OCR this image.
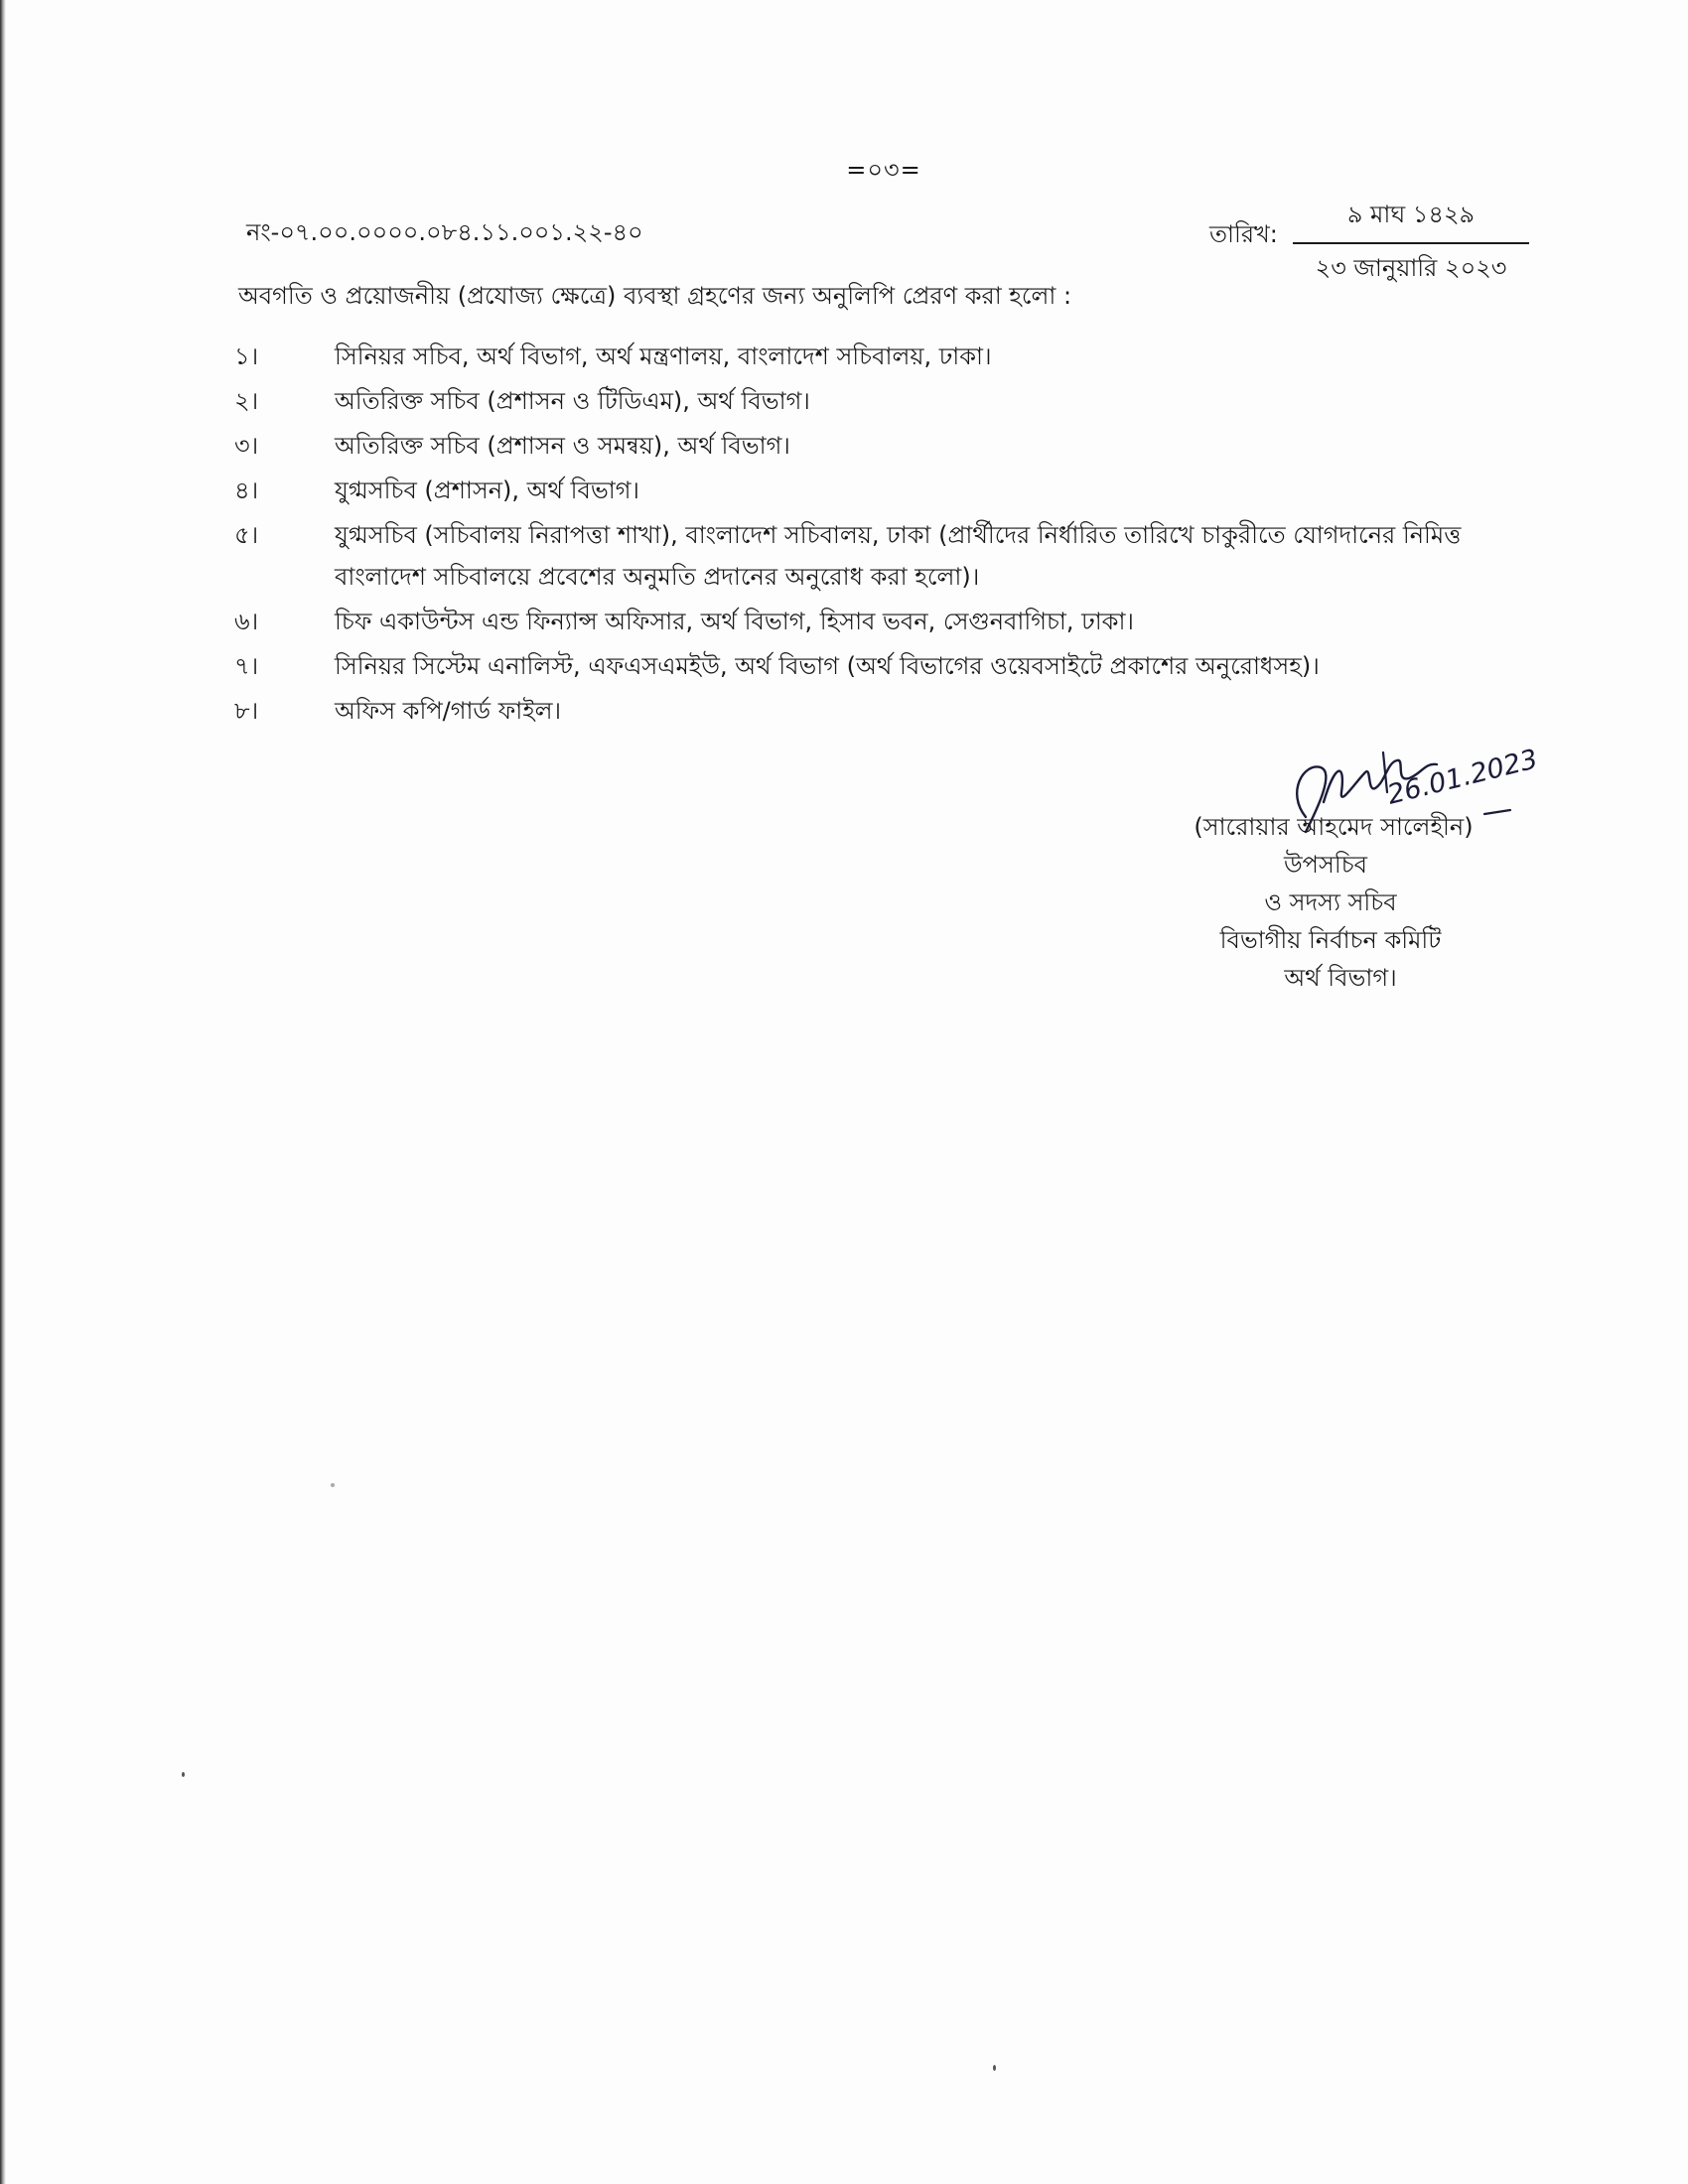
=০৩=
নং-০৭.০০.০০০০.০৮৪.১১.০০১.২২-৪০	তারিখ:
৯ মাঘ ১৪২৯
২৩ জানুয়ারি ২০২৩
অবগতি ও প্রয়োজনীয় (প্রযোজ্য ক্ষেত্রে) ব্যবস্থা গ্রহণের জন্য অনুলিপি প্রেরণ করা হলো :
১।	সিনিয়র সচিব, অর্থ বিভাগ, অর্থ মন্ত্রণালয়, বাংলাদেশ সচিবালয়, ঢাকা।
২।	অতিরিক্ত সচিব (প্রশাসন ও টিডিএম), অর্থ বিভাগ।
৩।	অতিরিক্ত সচিব (প্রশাসন ও সমন্বয়), অর্থ বিভাগ।
৪।	যুগ্মসচিব (প্রশাসন), অর্থ বিভাগ।
৫।	যুগ্মসচিব (সচিবালয় নিরাপত্তা শাখা), বাংলাদেশ সচিবালয়, ঢাকা (প্রার্থীদের নির্ধারিত তারিখে চাকুরীতে যোগদানের নিমিত্ত বাংলাদেশ সচিবালয়ে প্রবেশের অনুমতি প্রদানের অনুরোধ করা হলো)।
৬।	চিফ একাউন্টস এন্ড ফিন্যান্স অফিসার, অর্থ বিভাগ, হিসাব ভবন, সেগুনবাগিচা, ঢাকা।
৭।	সিনিয়র সিস্টেম এনালিস্ট, এফএসএমইউ, অর্থ বিভাগ (অর্থ বিভাগের ওয়েবসাইটে প্রকাশের অনুরোধসহ)।
৮।	অফিস কপি/গার্ড ফাইল।
26.01.2023
(সারোয়ার আহমেদ সালেহীন)
উপসচিব
ও সদস্য সচিব
বিভাগীয় নির্বাচন কমিটি
অর্থ বিভাগ।
